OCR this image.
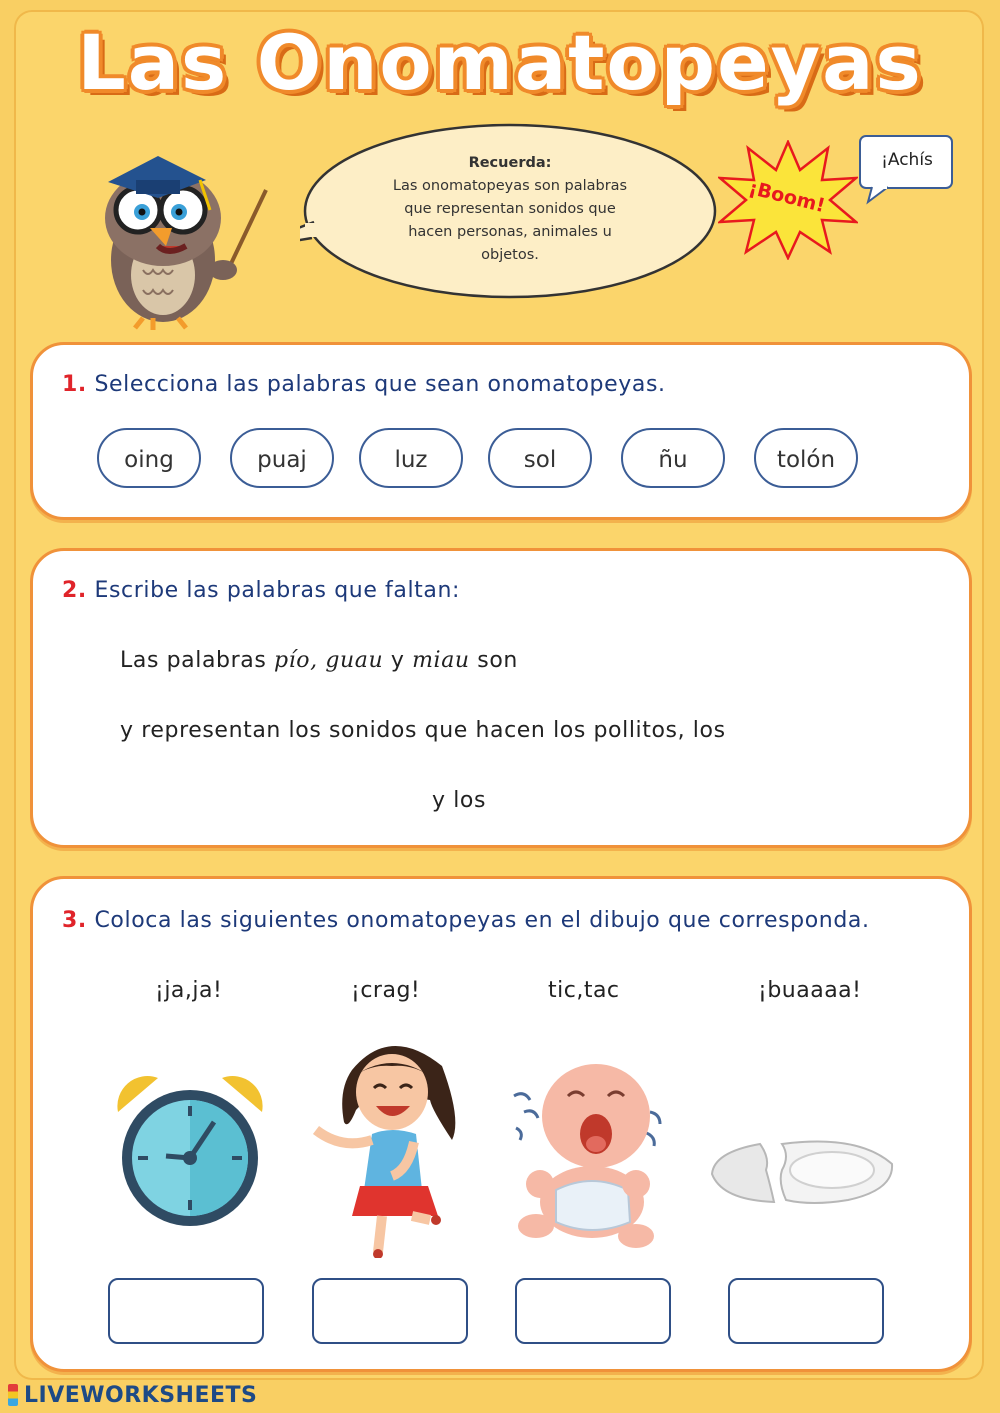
Las Onomatopeyas
Recuerda:
Las onomatopeyas son palabras
que representan sonidos que
hacen personas, animales u
objetos.
¡Boom!
¡Achís
1. Selecciona las palabras que sean onomatopeyas.
oing	puaj	luz	sol	ñu	tolón
2. Escribe las palabras que faltan:
Las palabras pío, guau y miau son
y representan los sonidos que hacen los pollitos, los
y los
3. Coloca las siguientes onomatopeyas en el dibujo que corresponda.
¡ja,ja!	¡crag!	tic,tac	¡buaaaa!
LIVEWORKSHEETS
